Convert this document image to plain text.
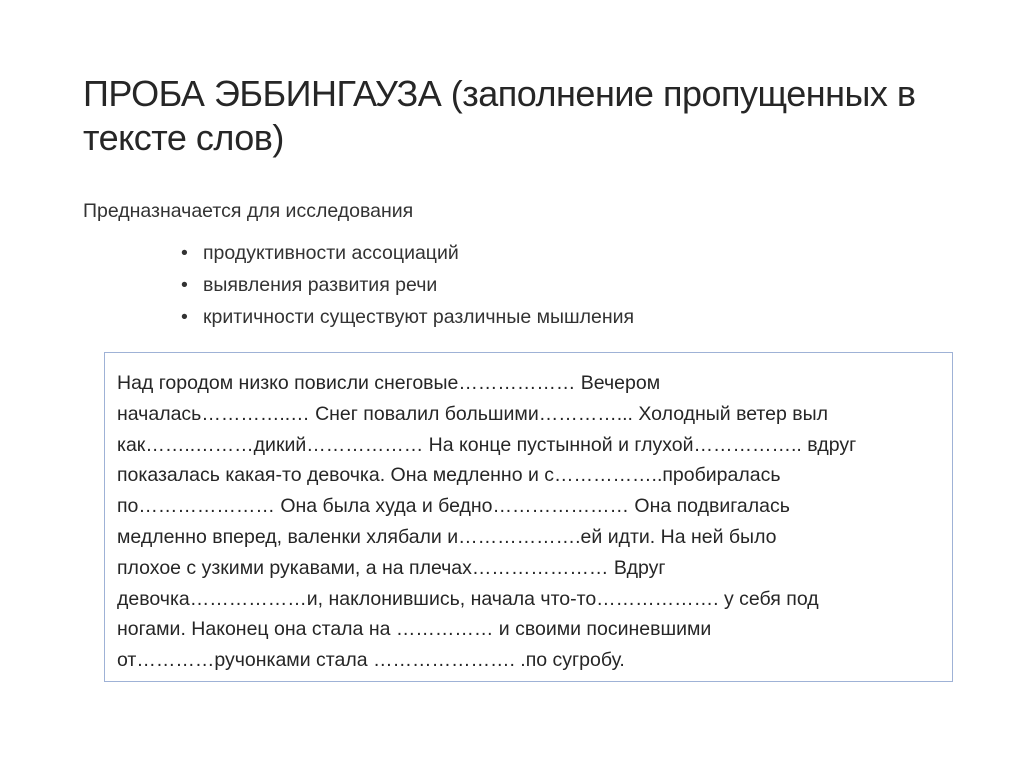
ПРОБА ЭББИНГАУЗА (заполнение пропущенных в тексте слов)

Предназначается для исследования

• продуктивности ассоциаций
• выявления развития речи
• критичности существуют различные мышления
Над городом низко повисли снеговые……………… Вечером
началась…………..… Снег повалил большими…………... Холодный ветер выл
как……..………дикий……………… На конце пустынной и глухой…………….. вдруг
показалась какая-то девочка. Она медленно и с……………..пробиралась
по………………… Она была худа и бедно………………… Она подвигалась
медленно вперед, валенки хлябали и……………….ей идти. На ней было
плохое с узкими рукавами, а на плечах………………… Вдруг
девочка………………и, наклонившись, начала что-то………………. у себя под
ногами. Наконец она стала на …………… и своими посиневшими
от…………ручонками стала …………………. .по сугробу.
